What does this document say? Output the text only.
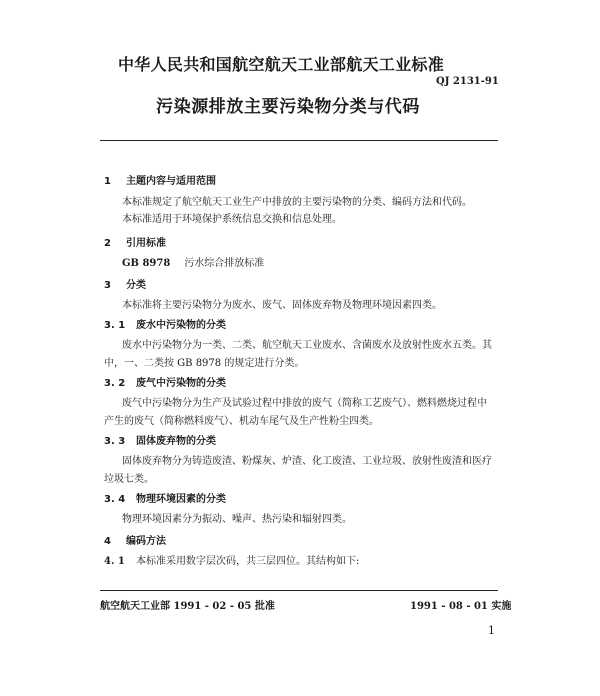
中华人民共和国航空航天工业部航天工业标准
QJ 2131-91
污染源排放主要污染物分类与代码
1 主题内容与适用范围
本标准规定了航空航天工业生产中排放的主要污染物的分类、编码方法和代码。
本标准适用于环境保护系统信息交换和信息处理。
2 引用标准
GB 8978 污水综合排放标准
3 分类
本标准将主要污染物分为废水、废气、固体废弃物及物理环境因素四类。
3. 1 废水中污染物的分类
废水中污染物分为一类、二类、航空航天工业废水、含菌废水及放射性废水五类。其
中，一、二类按 GB 8978 的规定进行分类。
3. 2 废气中污染物的分类
废气中污染物分为生产及试验过程中排放的废气（简称工艺废气）、燃料燃烧过程中
产生的废气（简称燃料废气）、机动车尾气及生产性粉尘四类。
3. 3 固体废弃物的分类
固体废弃物分为铸造废渣、粉煤灰、炉渣、化工废渣、工业垃圾、放射性废渣和医疗
垃圾七类。
3. 4 物理环境因素的分类
物理环境因素分为振动、噪声、热污染和辐射四类。
4 编码方法
4. 1 本标准采用数字层次码，共三层四位。其结构如下:
航空航天工业部 1991 - 02 - 05 批准	1991 - 08 - 01 实施
1
